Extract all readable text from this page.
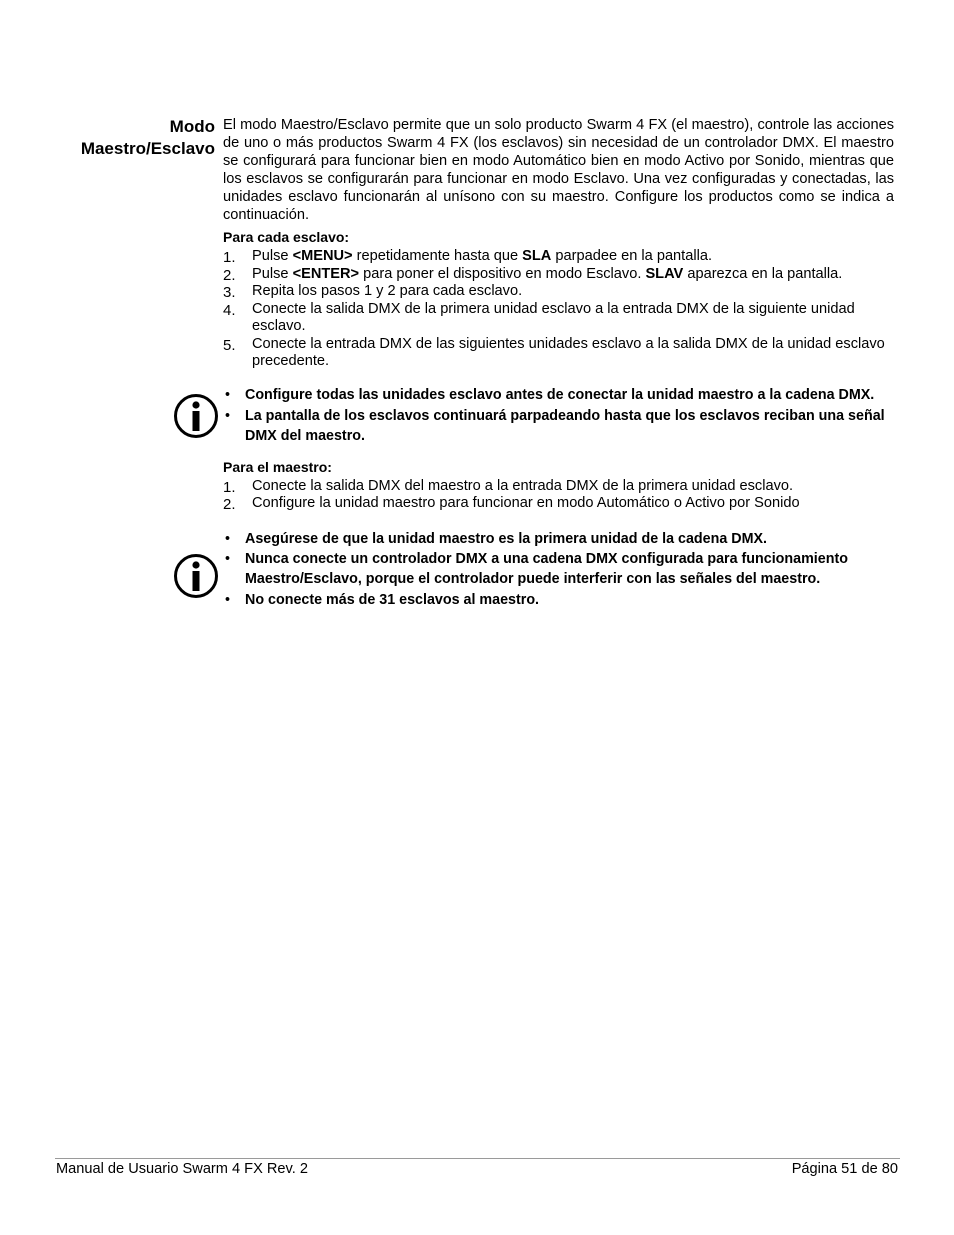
Modo
Maestro/Esclavo

El modo Maestro/Esclavo permite que un solo producto Swarm 4 FX (el maestro), controle las acciones de uno o más productos Swarm 4 FX (los esclavos) sin necesidad de un controlador DMX. El maestro se configurará para funcionar bien en modo Automático bien en modo Activo por Sonido, mientras que los esclavos se configurarán para funcionar en modo Esclavo. Una vez configuradas y conectadas, las unidades esclavo funcionarán al unísono con su maestro. Configure los productos como se indica a continuación.

Para cada esclavo:
1.	Pulse <MENU> repetidamente hasta que SLA parpadee en la pantalla.
2.	Pulse <ENTER> para poner el dispositivo en modo Esclavo. SLAV aparezca en la pantalla.
3.	Repita los pasos 1 y 2 para cada esclavo.
4.	Conecte la salida DMX de la primera unidad esclavo a la entrada DMX de la siguiente unidad esclavo.
5.	Conecte la entrada DMX de las siguientes unidades esclavo a la salida DMX de la unidad esclavo precedente.
• Configure todas las unidades esclavo antes de conectar la unidad maestro a la cadena DMX.
• La pantalla de los esclavos continuará parpadeando hasta que los esclavos reciban una señal DMX del maestro.
Para el maestro:
1.	Conecte la salida DMX del maestro a la entrada DMX de la primera unidad esclavo.
2.	Configure la unidad maestro para funcionar en modo Automático o Activo por Sonido
• Asegúrese de que la unidad maestro es la primera unidad de la cadena DMX.
• Nunca conecte un controlador DMX a una cadena DMX configurada para funcionamiento Maestro/Esclavo, porque el controlador puede interferir con las señales del maestro.
• No conecte más de 31 esclavos al maestro.
Manual de Usuario Swarm 4 FX Rev. 2	Página 51 de 80
